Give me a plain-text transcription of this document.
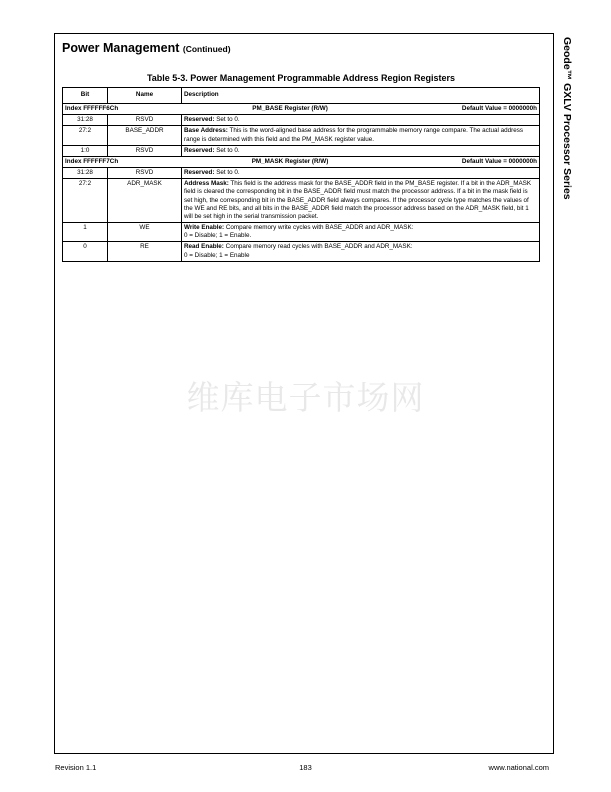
Power Management (Continued)	Geode™ GXLV Processor Series
Table 5-3. Power Management Programmable Address Region Registers
Bit	Name	Description

Index FFFFFF6Ch PM_BASE Register (R/W) Default Value = 0000000h		

31:28	RSVD	Reserved: Set to 0.
27:2	BASE_ADDR	Base Address: This is the word-aligned base address for the programmable memory range compare. The actual address range is determined with this field and the PM_MASK register value.
1:0	RSVD	Reserved: Set to 0.

Index FFFFFF7Ch PM_MASK Register (R/W) Default Value = 0000000h		

31:28	RSVD	Reserved: Set to 0.
27:2	ADR_MASK	Address Mask: This field is the address mask for the BASE_ADDR field in the PM_BASE register. If a bit in the ADR_MASK field is cleared the corresponding bit in the BASE_ADDR field must match the processor address. If a bit in the mask field is set high, the corresponding bit in the BASE_ADDR field always compares. If the processor cycle type matches the values of the WE and RE bits, and all bits in the BASE_ADDR field match the processor address based on the ADR_MASK field, bit 1 will be set high in the serial transmission packet.
1	WE	Write Enable: Compare memory write cycles with BASE_ADDR and ADR_MASK:
0 = Disable; 1 = Enable.
0	RE	Read Enable: Compare memory read cycles with BASE_ADDR and ADR_MASK:
0 = Disable; 1 = Enable
维库电子市场网
Revision 1.1	183	www.national.com
